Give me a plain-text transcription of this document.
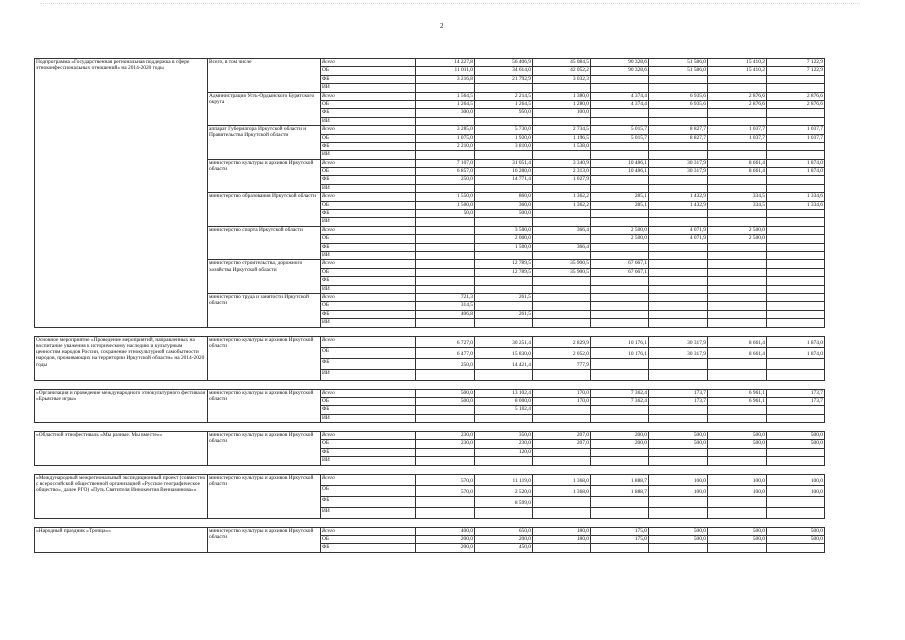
2
Подпрограмма «Государственная региональная поддержка в сфере этноконфессиональных отношений» на 2014-2020 годы	Всего, в том числе	Всего	14 227,8	56 406,9	45 084,5	90 328,6	51 586,0	15 410,2	7 122,9
		ОБ	11 011,0	34 614,0	42 052,2	90 328,6	51 586,0	15 410,2	7 122,9
		ФБ	3 216,8	21 792,9	3 032,3				
		ИИ							
	Администрация Усть-Ордынского Бурятского округа	Всего	1 564,5	2 214,5	1 380,0	4 374,4	6 935,6	2 876,6	2 876,6
		ОБ	1 264,5	1 264,5	1 280,0	4 374,4	6 935,6	2 876,6	2 876,6
		ФБ	300,0	950,0	100,0				
		ИИ							
	аппарат Губернатора Иркутской области и Правительства Иркутской области	Всего	3 285,0	5 730,0	2 734,5	5 015,7	8 827,7	1 037,7	1 037,7
		ОБ	1 075,0	1 920,0	1 196,5	5 015,7	8 827,7	1 037,7	1 037,7
		ФБ	2 210,0	3 810,0	1 538,0				
		ИИ							
	министерство культуры и архивов Иркутской области	Всего	7 107,0	31 051,4	3 340,9	10 486,1	30 317,9	8 661,4	1 874,0
		ОБ	6 857,0	16 280,0	2 313,0	10 486,1	30 317,9	8 661,4	1 874,0
		ФБ	250,0	14 771,4	1 027,9				
		ИИ							
	министерство образования Иркутской области	Всего	1 550,0	860,0	1 362,2	285,1	1 432,9	334,5	1 334,6
		ОБ	1 500,0	360,0	1 362,2	285,1	1 432,9	334,5	1 334,6
		ФБ	50,0	500,0					
		ИИ							
	министерство спорта Иркутской области	Всего		3 500,0	366,4	2 500,0	4 071,9	2 500,0	
		ОБ		2 000,0		2 500,0	4 071,9	2 500,0	
		ФБ		1 500,0	366,4				
		ИИ							
	министерство строительства, дорожного хозяйства Иркутской области	Всего		12 789,5	35 900,5	67 667,1			
		ОБ		12 789,5	35 900,5	67 667,1			
		ФБ							
		ИИ							
	министерство труда и занятости Иркутской области	Всего	721,3	261,5					
		ОБ	314,5						
		ФБ	406,8	261,5					
		ИИ							

Основное мероприятие «Проведение мероприятий, направленных на воспитание уважения к историческому наследию и культурным ценностям народов России, сохранение этнокультурной самобытности народов, проживающих на территории Иркутской области» на 2014-2020 годы	министерство культуры и архивов Иркутской области	Всего	6 727,0	30 251,4	2 829,9	10 176,1	30 317,9	8 661,4	1 874,0
		ОБ	6 477,0	15 830,0	2 052,0	10 176,1	30 317,9	8 661,4	1 874,0
		ФБ	250,0	14 421,4	777,9				
		ИИ							

«Организация и проведение международного этнокультурного фестиваля «Ерьясные игры»	министерство культуры и архивов Иркутской области	Всего	500,0	13 102,4	170,0	7 362,4	173,7	6 961,1	173,7
		ОБ	500,0	8 000,0	170,0	7 362,4	173,7	6 961,1	173,7
		ФБ		5 102,4					
		ИИ							

«Областной этнофестиваль «Мы разные. Мы вместе»»	министерство культуры и архивов Иркутской области	Всего	230,0	350,0	207,0	200,0	500,0	500,0	500,0
		ОБ	230,0	230,0	207,0	200,0	500,0	500,0	500,0
		ФБ		120,0					
		ИИ							

«Международный межрегиональный экспедиционный проект (совместно с всероссийской общественной организацией «Русское географическое общество», далее РГО) «Путь Святителя Иннокентия Вениаминова»»	министерство культуры и архивов Иркутской области	Всего	570,0	11 119,0	1 368,0	1 888,7	100,0	100,0	100,0
		ОБ	570,0	2 520,0	1 368,0	1 888,7	100,0	100,0	100,0
		ФБ		8 599,0					
		ИИ							

«Народный праздник «Троица»»	министерство культуры и архивов Иркутской области	Всего	400,0	650,0	180,0	175,0	500,0	500,0	500,0
		ОБ	200,0	200,0	180,0	175,0	500,0	500,0	500,0
		ФБ	200,0	450,0					
